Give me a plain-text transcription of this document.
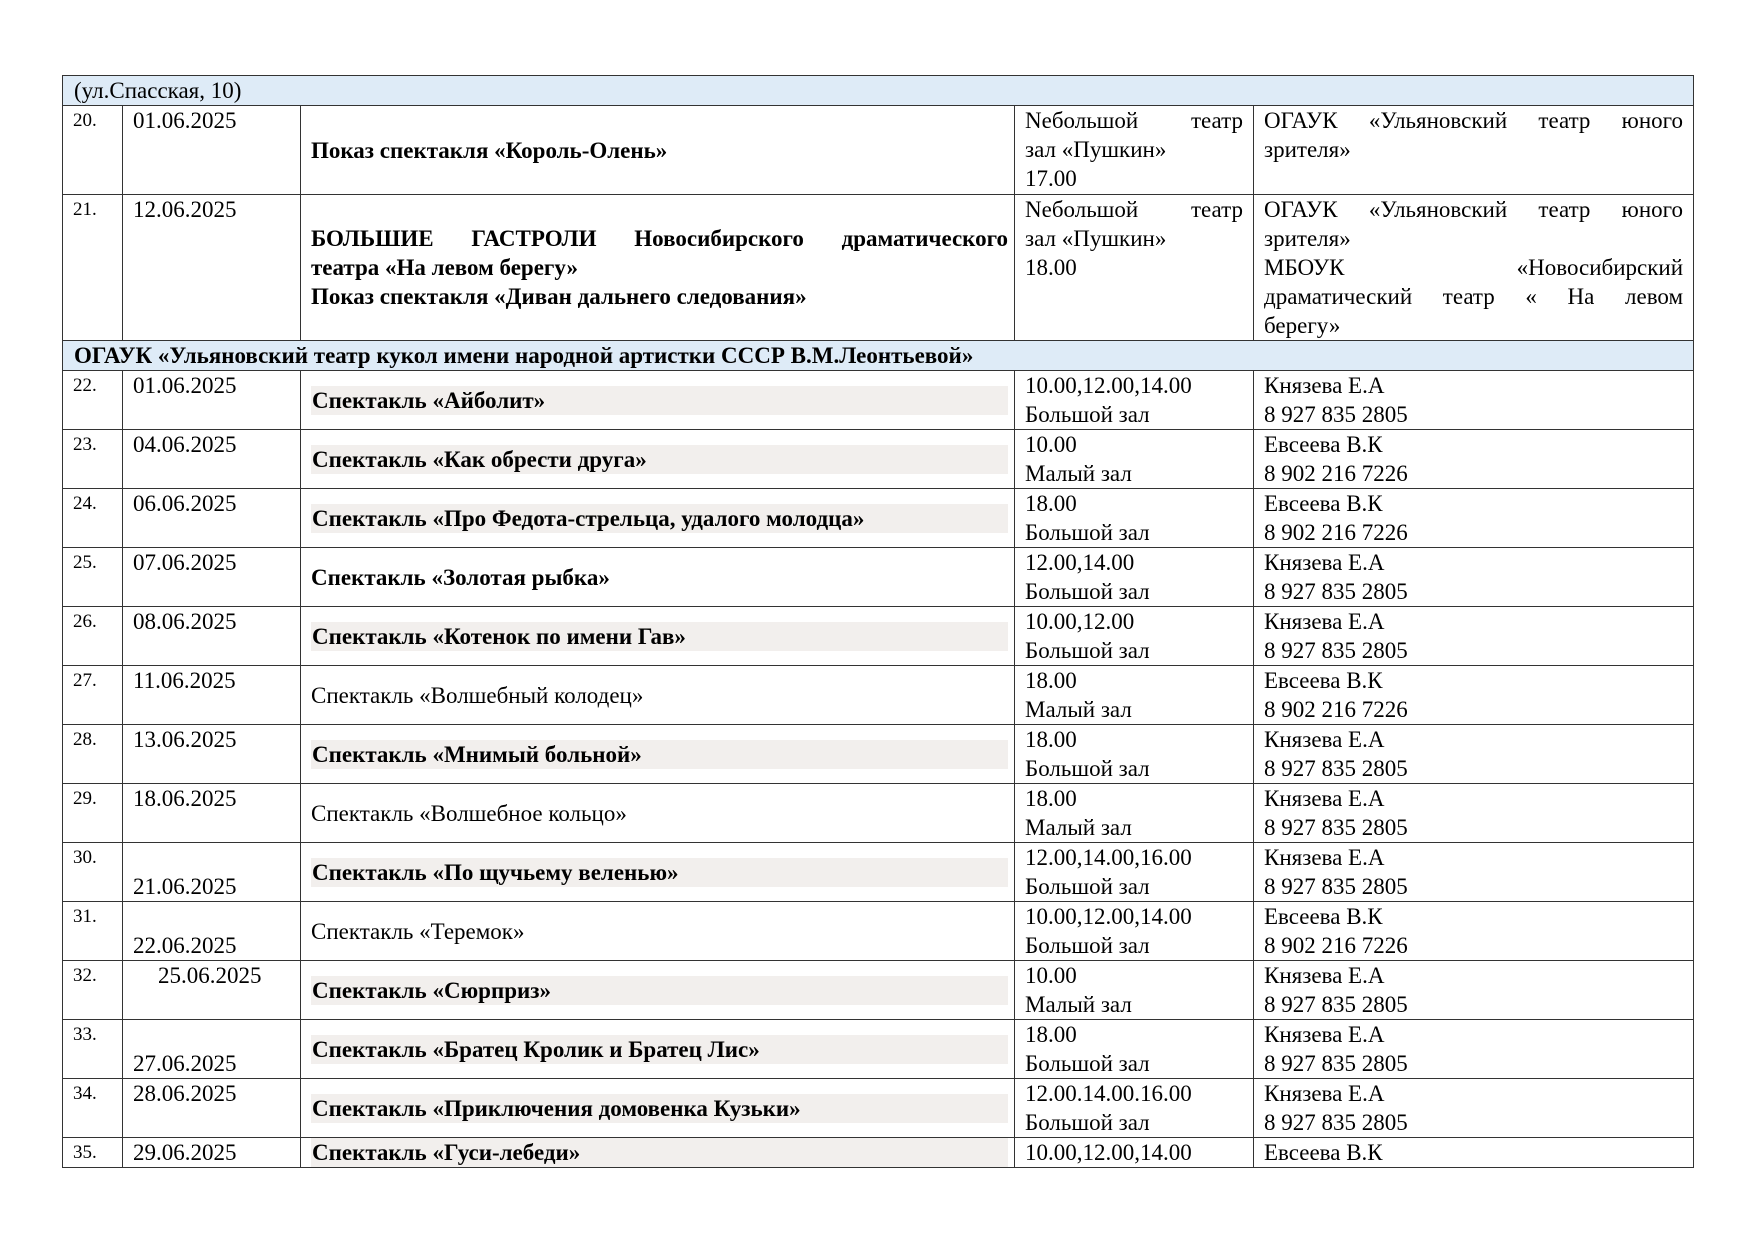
(ул.Спасская, 10)				
20.	01.06.2025	Показ спектакля «Король-Олень»	Nебольшой театр
зал «Пушкин»
17.00	ОГАУК «Ульяновский театр юного
зрителя»

21.	12.06.2025	БОЛЬШИЕ ГАСТРОЛИ Новосибирского драматического
театра «На левом берегу»
Показ спектакля «Диван дальнего следования»	Nебольшой театр
зал «Пушкин»
18.00	ОГАУК «Ульяновский театр юного
зрителя»
МБОУК «Новосибирский
драматический театр « На левом
берегу»

ОГАУК «Ульяновский театр кукол имени народной артистки СССР В.М.Леонтьевой»				
22.	01.06.2025	Спектакль «Айболит»	10.00,12.00,14.00
Большой зал	Князева Е.А
8 927 835 2805

23.	04.06.2025	Спектакль «Как обрести друга»	10.00
Малый зал	Евсеева В.К
8 902 216 7226

24.	06.06.2025	Спектакль «Про Федота-стрельца, удалого молодца»	18.00
Большой зал	Евсеева В.К
8 902 216 7226

25.	07.06.2025	Спектакль «Золотая рыбка»	12.00,14.00
Большой зал	Князева Е.А
8 927 835 2805

26.	08.06.2025	Спектакль «Котенок по имени Гав»	10.00,12.00
Большой зал	Князева Е.А
8 927 835 2805

27.	11.06.2025	Спектакль «Волшебный колодец»	18.00
Малый зал	Евсеева В.К
8 902 216 7226

28.	13.06.2025	Спектакль «Мнимый больной»	18.00
Большой зал	Князева Е.А
8 927 835 2805

29.	18.06.2025	Спектакль «Волшебное кольцо»	18.00
Малый зал	Князева Е.А
8 927 835 2805

30.	21.06.2025	Спектакль «По щучьему веленью»	12.00,14.00,16.00
Большой зал	Князева Е.А
8 927 835 2805

31.	22.06.2025	Спектакль «Теремок»	10.00,12.00,14.00
Большой зал	Евсеева В.К
8 902 216 7226

32.	25.06.2025	Спектакль «Сюрприз»	10.00
Малый зал	Князева Е.А
8 927 835 2805

33.	27.06.2025	Спектакль «Братец Кролик и Братец Лис»	18.00
Большой зал	Князева Е.А
8 927 835 2805

34.	28.06.2025	Спектакль «Приключения домовенка Кузьки»	12.00.14.00.16.00
Большой зал	Князева Е.А
8 927 835 2805

35.	29.06.2025	Спектакль «Гуси-лебеди»	10.00,12.00,14.00	Евсеева В.К
